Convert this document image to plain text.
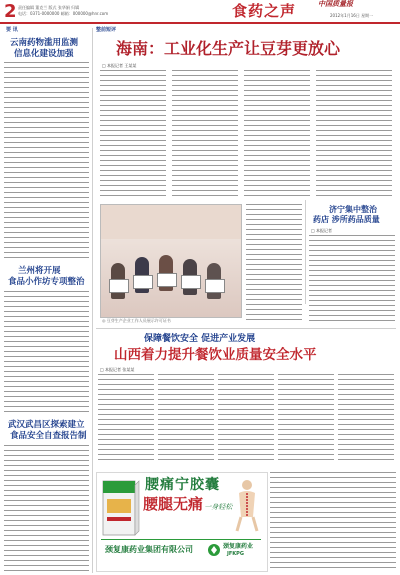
2 责任编辑 董克兰 版式 张华娟 归辑
电话：0371-0000000 邮箱：000000@hnr.com	食药之声	中国质量报
2012年1月16日 星期一
要 讯
云南药物滥用监测
信息化建设加强
兰州将开展
食品小作坊专项整治
武汉武昌区探索建立
食品安全自查报告制
整前短评
海南：工业化生产让豆芽更放心
□ 本报记者 王某某
◎ 豆芽生产企业工作人员展示许可证书
济宁集中整治
药店 涉所药品质量
□ 本报记者
保障餐饮安全 促进产业发展
山西着力提升餐饮业质量安全水平
□ 本报记者 张某某
腰痛宁胶囊
腰腿无痛 一身轻松
颈复康药业集团有限公司	颈复康药业
JFKPG
